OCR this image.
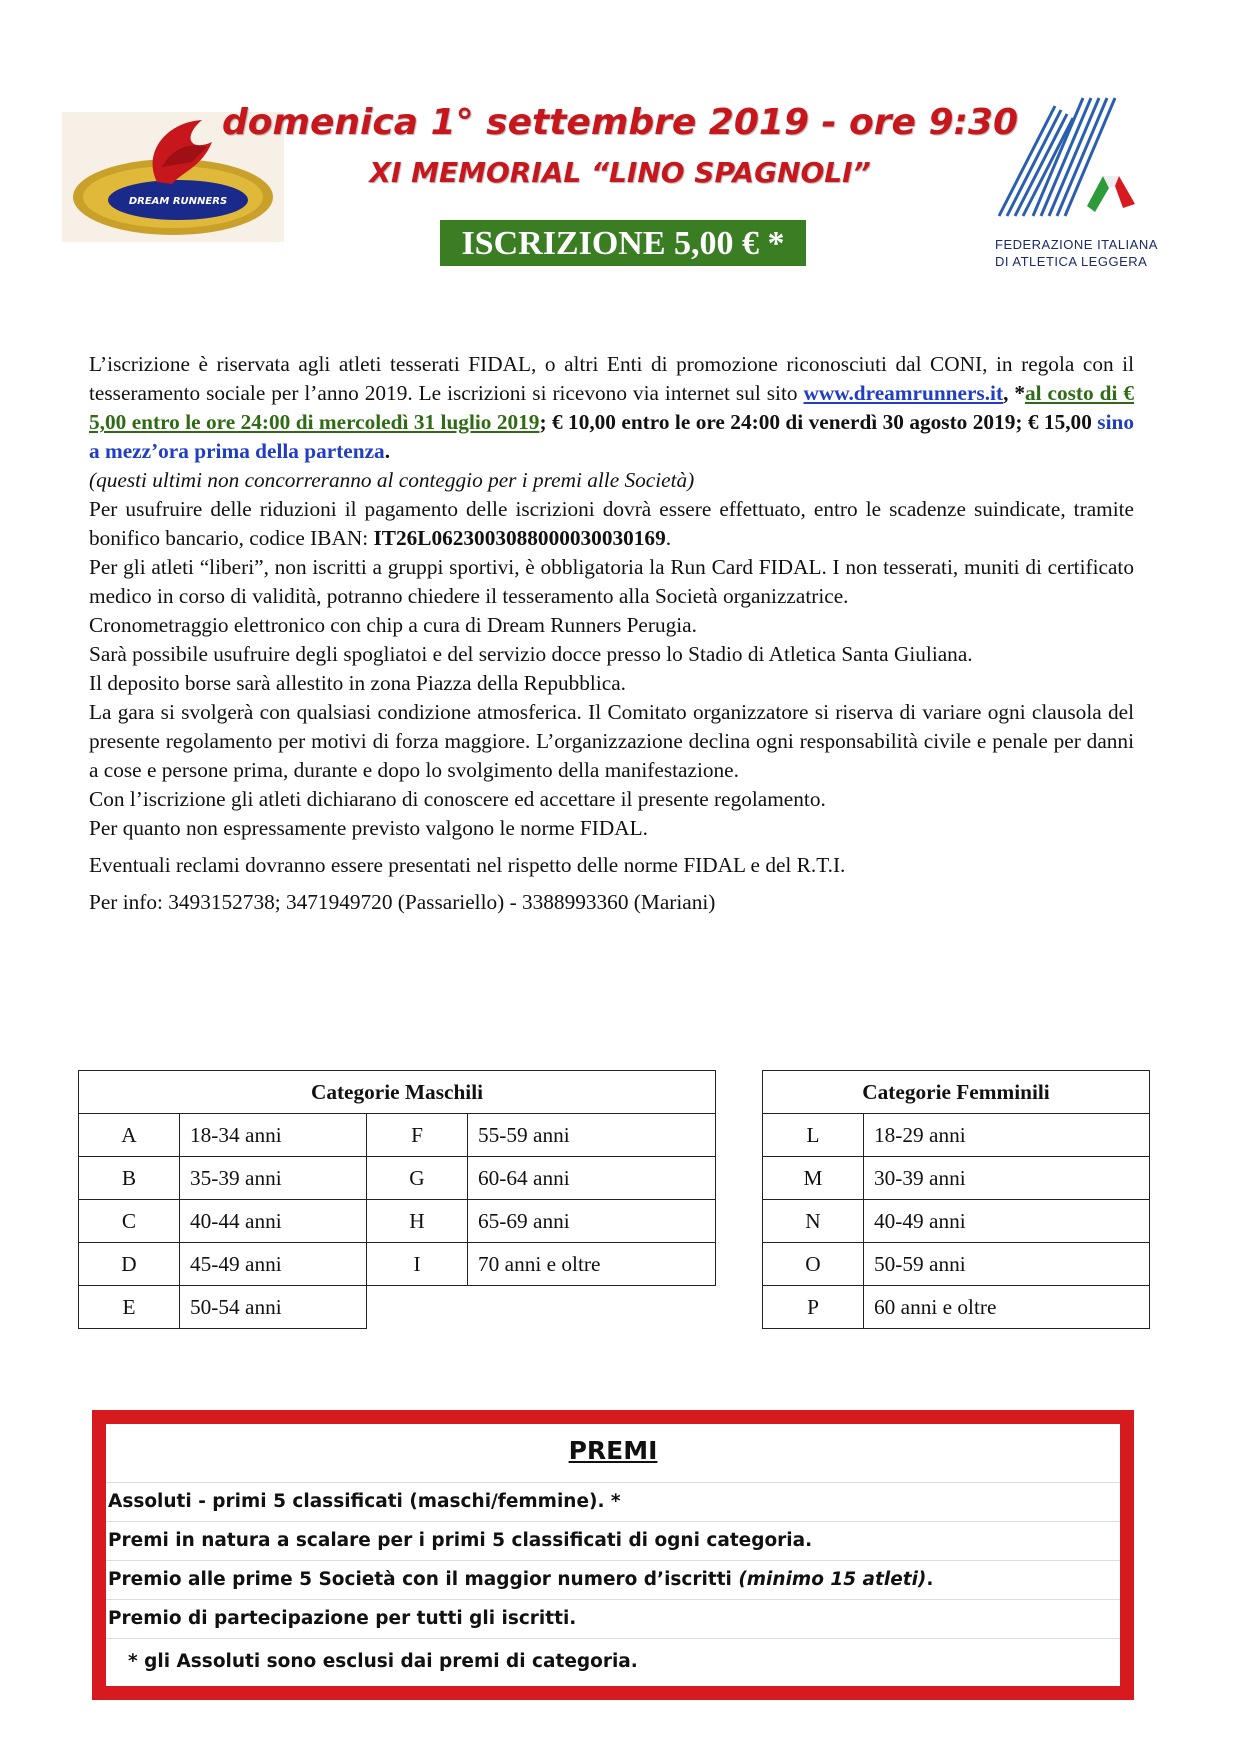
DREAM RUNNERS
Perugia
domenica 1° settembre 2019 - ore 9:30
XI MEMORIAL “LINO SPAGNOLI”
ISCRIZIONE 5,00 € *	FEDERAZIONE ITALIANA
DI ATLETICA LEGGERA

L’iscrizione è riservata agli atleti tesserati FIDAL, o altri Enti di promozione riconosciuti dal CONI, in regola con il tesseramento sociale per l’anno 2019. Le iscrizioni si ricevono via internet sul sito www.dreamrunners.it, *al costo di € 5,00 entro le ore 24:00 di mercoledì 31 luglio 2019; € 10,00 entro le ore 24:00 di venerdì 30 agosto 2019; € 15,00 sino a mezz’ora prima della partenza.

(questi ultimi non concorreranno al conteggio per i premi alle Società)

Per usufruire delle riduzioni il pagamento delle iscrizioni dovrà essere effettuato, entro le scadenze suindicate, tramite bonifico bancario, codice IBAN: IT26L0623003088000030030169.

Per gli atleti “liberi”, non iscritti a gruppi sportivi, è obbligatoria la Run Card FIDAL. I non tesserati, muniti di certificato medico in corso di validità, potranno chiedere il tesseramento alla Società organizzatrice.

Cronometraggio elettronico con chip a cura di Dream Runners Perugia.

Sarà possibile usufruire degli spogliatoi e del servizio docce presso lo Stadio di Atletica Santa Giuliana.

Il deposito borse sarà allestito in zona Piazza della Repubblica.

La gara si svolgerà con qualsiasi condizione atmosferica. Il Comitato organizzatore si riserva di variare ogni clausola del presente regolamento per motivi di forza maggiore. L’organizzazione declina ogni responsabilità civile e penale per danni a cose e persone prima, durante e dopo lo svolgimento della manifestazione.

Con l’iscrizione gli atleti dichiarano di conoscere ed accettare il presente regolamento.

Per quanto non espressamente previsto valgono le norme FIDAL.

Eventuali reclami dovranno essere presentati nel rispetto delle norme FIDAL e del R.T.I.

Per info: 3493152738; 3471949720 (Passariello) - 3388993360 (Mariani)

Categorie Maschili			
A	18-34 anni	F	55-59 anni
B	35-39 anni	G	60-64 anni
C	40-44 anni	H	65-69 anni
D	45-49 anni	I	70 anni e oltre
E	50-54 anni		
Categorie Femminili	
L	18-29 anni
M	30-39 anni
N	40-49 anni
O	50-59 anni
P	60 anni e oltre
PREMI
Assoluti - primi 5 classificati (maschi/femmine). *
Premi in natura a scalare per i primi 5 classificati di ogni categoria.
Premio alle prime 5 Società con il maggior numero d’iscritti (minimo 15 atleti).
Premio di partecipazione per tutti gli iscritti.
* gli Assoluti sono esclusi dai premi di categoria.
